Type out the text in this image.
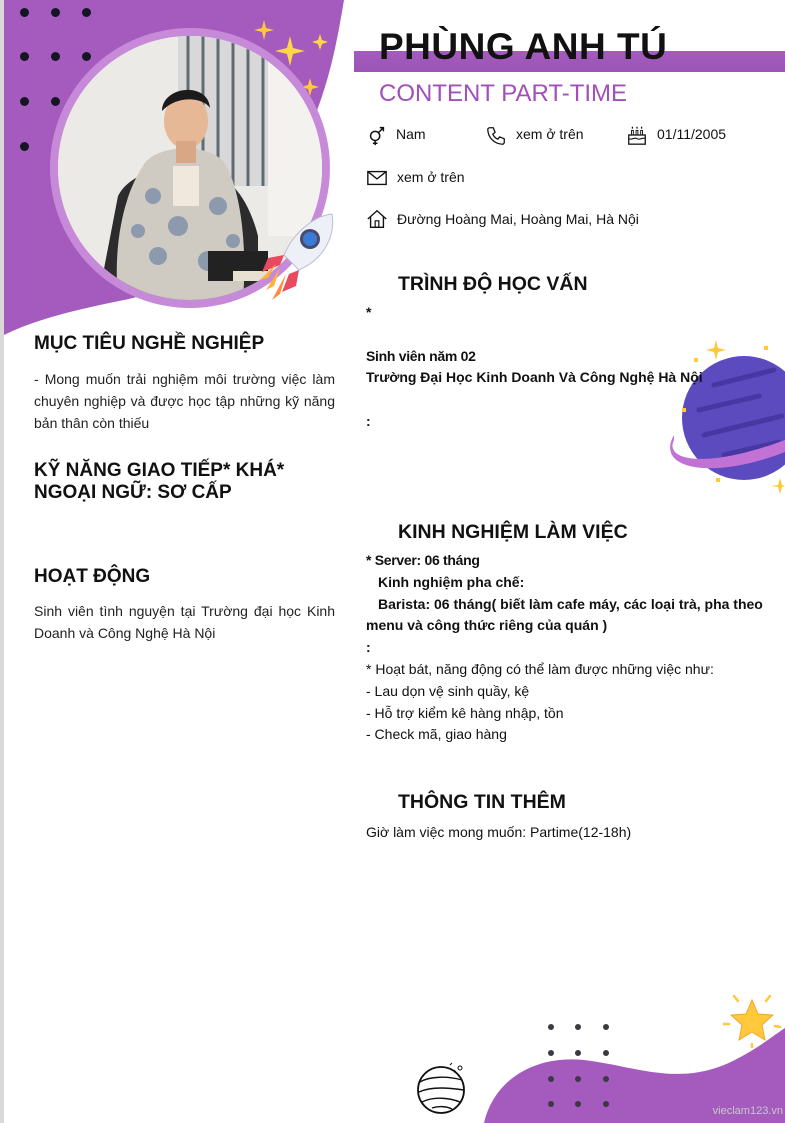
PHÙNG ANH TÚ
CONTENT PART-TIME
Nam	xem ở trên	01/11/2005
xem ở trên
Đường Hoàng Mai, Hoàng Mai, Hà Nội
MỤC TIÊU NGHỀ NGHIỆP
- Mong muốn trải nghiệm môi trường việc làm chuyên nghiệp và được học tập những kỹ năng bản thân còn thiếu
KỸ NĂNG GIAO TIẾP* KHÁ* NGOẠI NGỮ: SƠ CẤP
HOẠT ĐỘNG
Sinh viên tình nguyện tại Trường đại học Kinh Doanh và Công Nghệ Hà Nội
TRÌNH ĐỘ HỌC VẤN
*
Sinh viên năm 02
Trường Đại Học Kinh Doanh Và Công Nghệ Hà Nội
:
KINH NGHIỆM LÀM VIỆC
* Server: 06 tháng
Kinh nghiệm pha chế:
Barista: 06 tháng( biết làm cafe máy, các loại trà, pha theo menu và công thức riêng của quán )
:
* Hoạt bát, năng động có thể làm được những việc như:
- Lau dọn vệ sinh quầy, kệ
- Hỗ trợ kiểm kê hàng nhập, tồn
- Check mã, giao hàng
THÔNG TIN THÊM
Giờ làm việc mong muốn: Partime(12-18h)
vieclam123.vn
